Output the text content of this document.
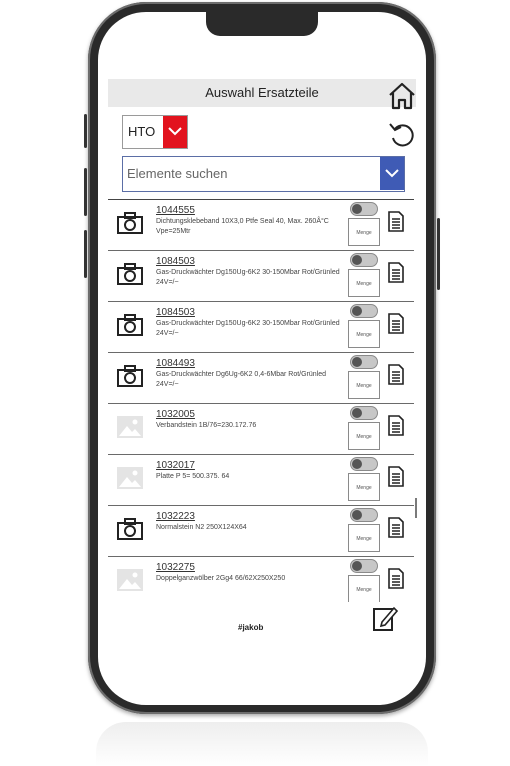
Auswahl Ersatzteile
HTO
Elemente suchen
1044555
Dichtungsklebeband 10X3,0 Ptfe Seal 40, Max. 260Â°C Vpe=25Mtr	Menge
1084503
Gas-Druckwächter Dg150Ug-6K2 30-150Mbar Rot/Grünled 24V=/~	Menge
1084503
Gas-Druckwächter Dg150Ug-6K2 30-150Mbar Rot/Grünled 24V=/~	Menge
1084493
Gas-Druckwächter Dg6Ug-6K2 0,4-6Mbar Rot/Grünled 24V=/~	Menge
1032005
Verbandstein 1B/76=230.172.76
Menge
1032017
Platte P 5= 500.375. 64
Menge
1032223
Normalstein N2 250X124X64
Menge
1032275
Doppelganzwölber 2Gg4 66/62X250X250
Menge
#jakob
